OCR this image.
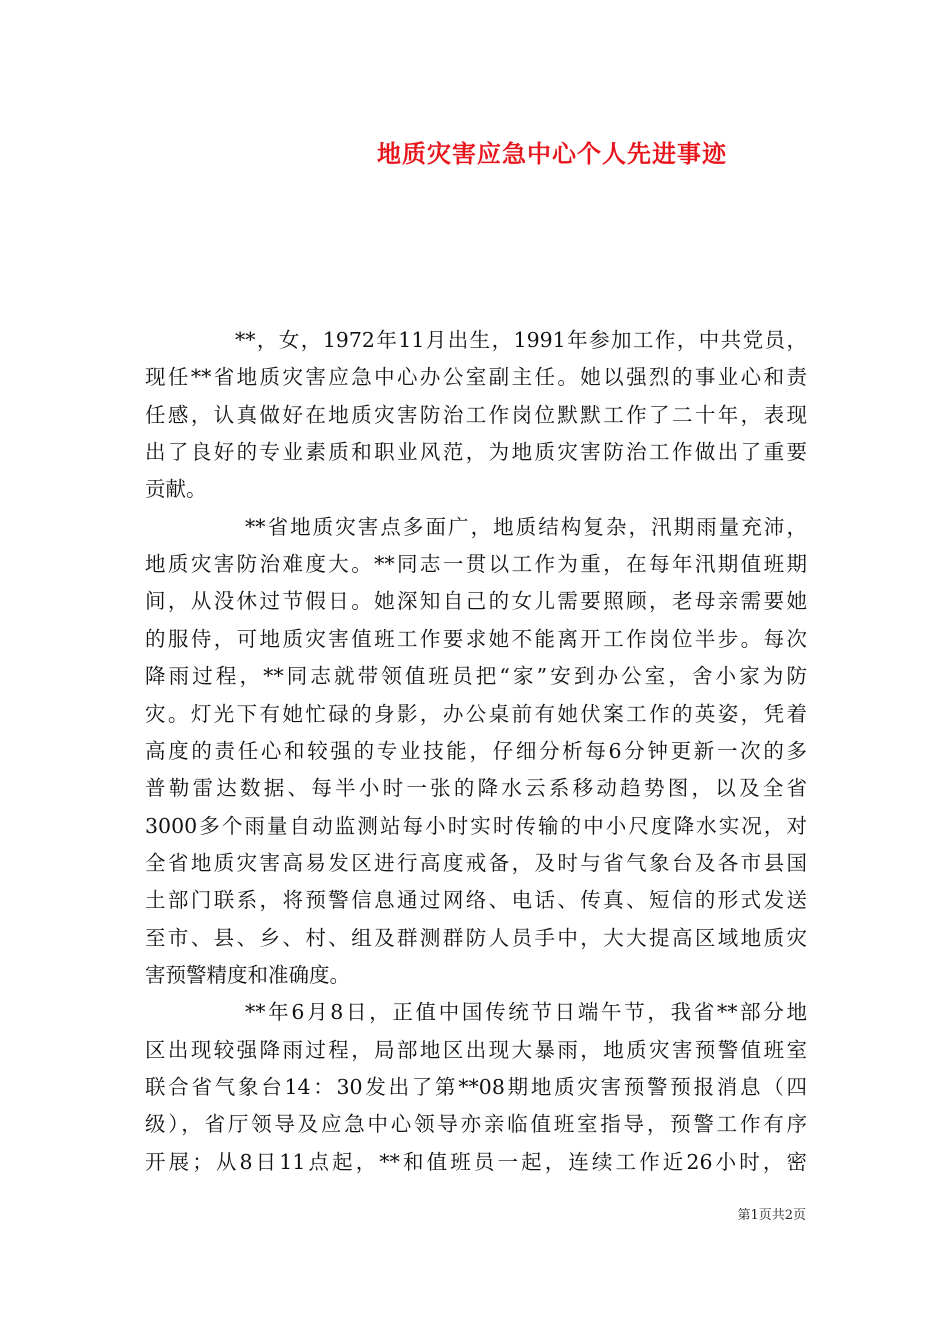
地质灾害应急中心个人先进事迹
**，女，1972年11月出生，1991年参加工作，中共党员，
现任**省地质灾害应急中心办公室副主任。她以强烈的事业心和责
任感，认真做好在地质灾害防治工作岗位默默工作了二十年，表现
出了良好的专业素质和职业风范，为地质灾害防治工作做出了重要
贡献。
**省地质灾害点多面广，地质结构复杂，汛期雨量充沛，
地质灾害防治难度大。**同志一贯以工作为重，在每年汛期值班期
间，从没休过节假日。她深知自己的女儿需要照顾，老母亲需要她
的服侍，可地质灾害值班工作要求她不能离开工作岗位半步。每次
降雨过程，**同志就带领值班员把“家”安到办公室，舍小家为防
灾。灯光下有她忙碌的身影，办公桌前有她伏案工作的英姿，凭着
高度的责任心和较强的专业技能，仔细分析每6分钟更新一次的多
普勒雷达数据、每半小时一张的降水云系移动趋势图，以及全省
3000多个雨量自动监测站每小时实时传输的中小尺度降水实况，对
全省地质灾害高易发区进行高度戒备，及时与省气象台及各市县国
土部门联系，将预警信息通过网络、电话、传真、短信的形式发送
至市、县、乡、村、组及群测群防人员手中，大大提高区域地质灾
害预警精度和准确度。
**年6月8日，正值中国传统节日端午节，我省**部分地
区出现较强降雨过程，局部地区出现大暴雨，地质灾害预警值班室
联合省气象台14：30发出了第**08期地质灾害预警预报消息（四
级），省厅领导及应急中心领导亦亲临值班室指导，预警工作有序
开展；从8日11点起，**和值班员一起，连续工作近26小时，密
第1页共2页
